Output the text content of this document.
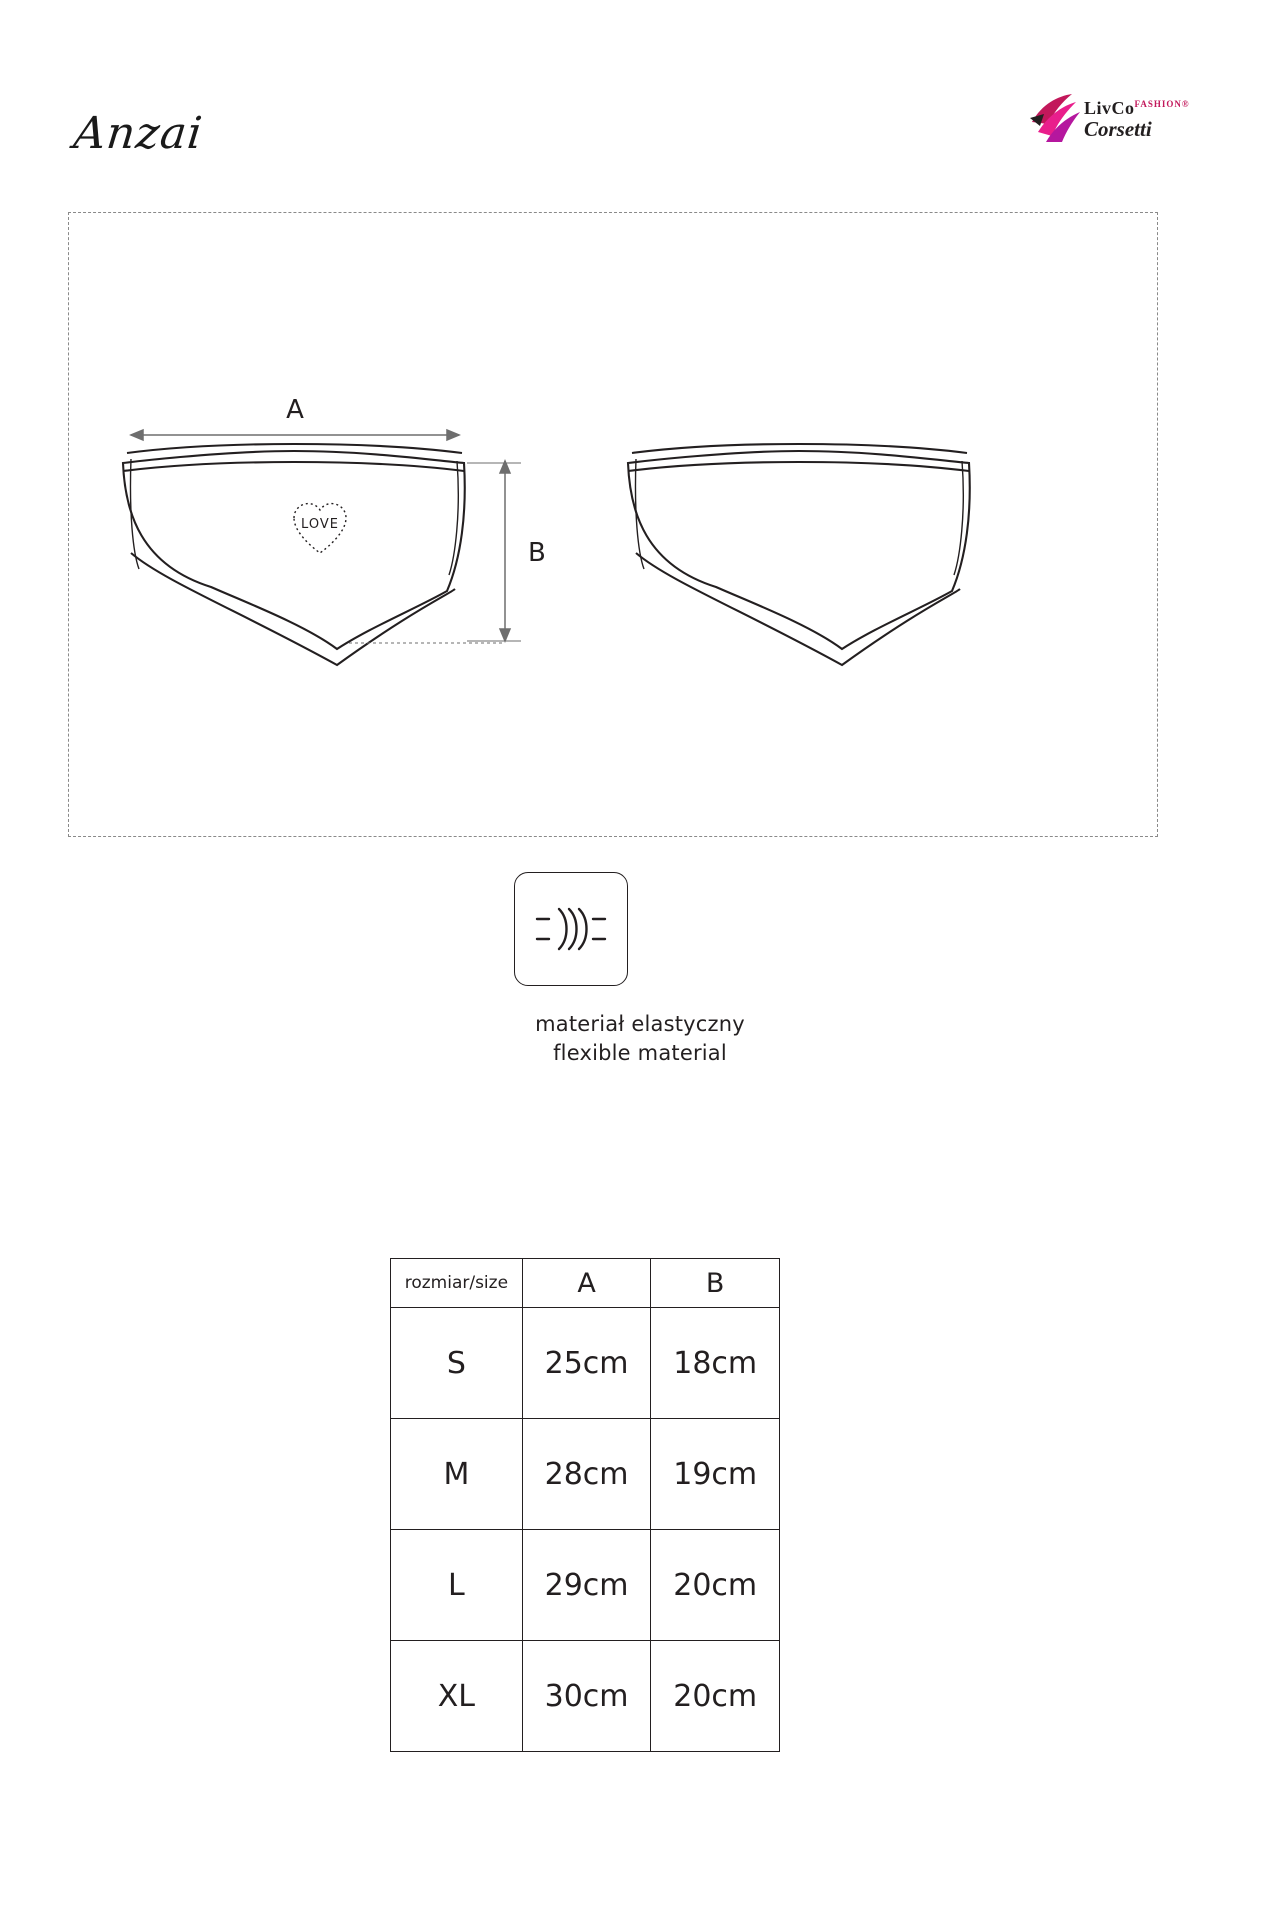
Anzai	LivCo$^{FASHION®}$
Corsetti
LOVE
A
B
materiał elastyczny
flexible material
rozmiar/size	A	B
S	25cm	18cm
M	28cm	19cm
L	29cm	20cm
XL	30cm	20cm
